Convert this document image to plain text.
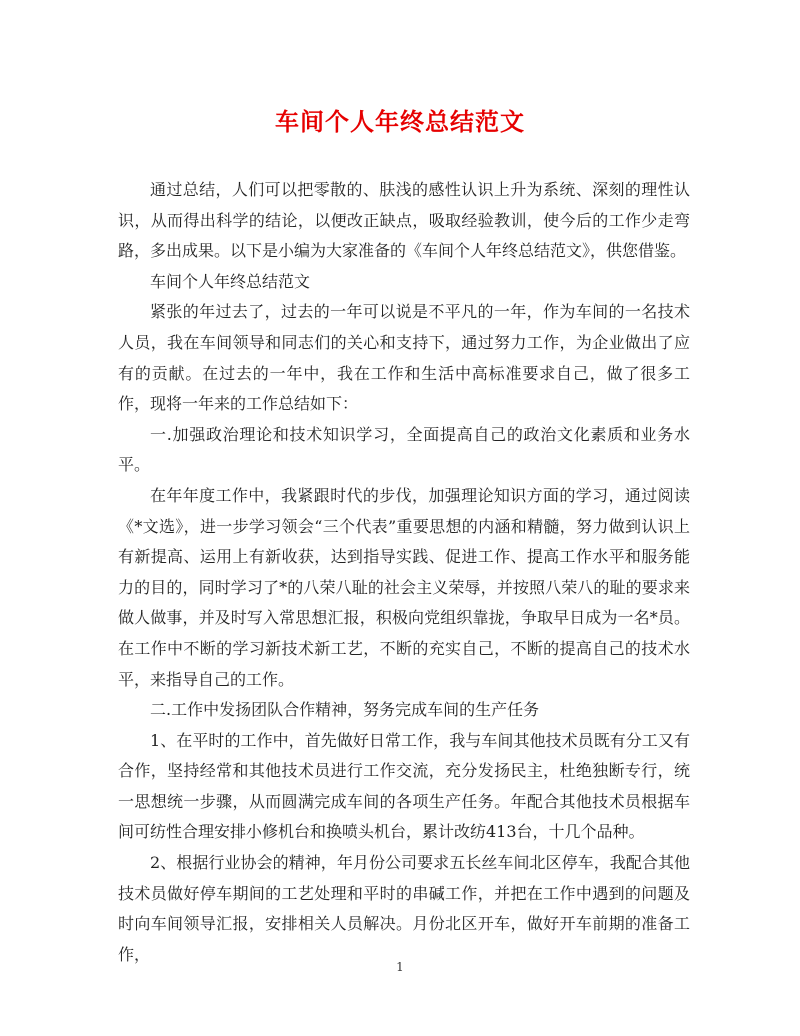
车间个人年终总结范文

通过总结，人们可以把零散的、肤浅的感性认识上升为系统、深刻的理性认识，从而得出科学的结论，以便改正缺点，吸取经验教训，使今后的工作少走弯路，多出成果。以下是小编为大家准备的《车间个人年终总结范文》，供您借鉴。

车间个人年终总结范文

紧张的年过去了，过去的一年可以说是不平凡的一年，作为车间的一名技术人员，我在车间领导和同志们的关心和支持下，通过努力工作，为企业做出了应有的贡献。在过去的一年中，我在工作和生活中高标准要求自己，做了很多工作，现将一年来的工作总结如下：

一.加强政治理论和技术知识学习，全面提高自己的政治文化素质和业务水平。

在年年度工作中，我紧跟时代的步伐，加强理论知识方面的学习，通过阅读《*文选》，进一步学习领会“三个代表”重要思想的内涵和精髓，努力做到认识上有新提高、运用上有新收获，达到指导实践、促进工作、提高工作水平和服务能力的目的，同时学习了*的八荣八耻的社会主义荣辱，并按照八荣八的耻的要求来做人做事，并及时写入常思想汇报，积极向党组织靠拢，争取早日成为一名*员。在工作中不断的学习新技术新工艺，不断的充实自己，不断的提高自己的技术水平，来指导自己的工作。

二.工作中发扬团队合作精神，努务完成车间的生产任务

1、在平时的工作中，首先做好日常工作，我与车间其他技术员既有分工又有合作，坚持经常和其他技术员进行工作交流，充分发扬民主，杜绝独断专行，统一思想统一步骤，从而圆满完成车间的各项生产任务。年配合其他技术员根据车间可纺性合理安排小修机台和换喷头机台，累计改纺413台，十几个品种。

2、根据行业协会的精神，年月份公司要求五长丝车间北区停车，我配合其他技术员做好停车期间的工艺处理和平时的串碱工作，并把在工作中遇到的问题及时向车间领导汇报，安排相关人员解决。月份北区开车，做好开车前期的准备工作，

1
